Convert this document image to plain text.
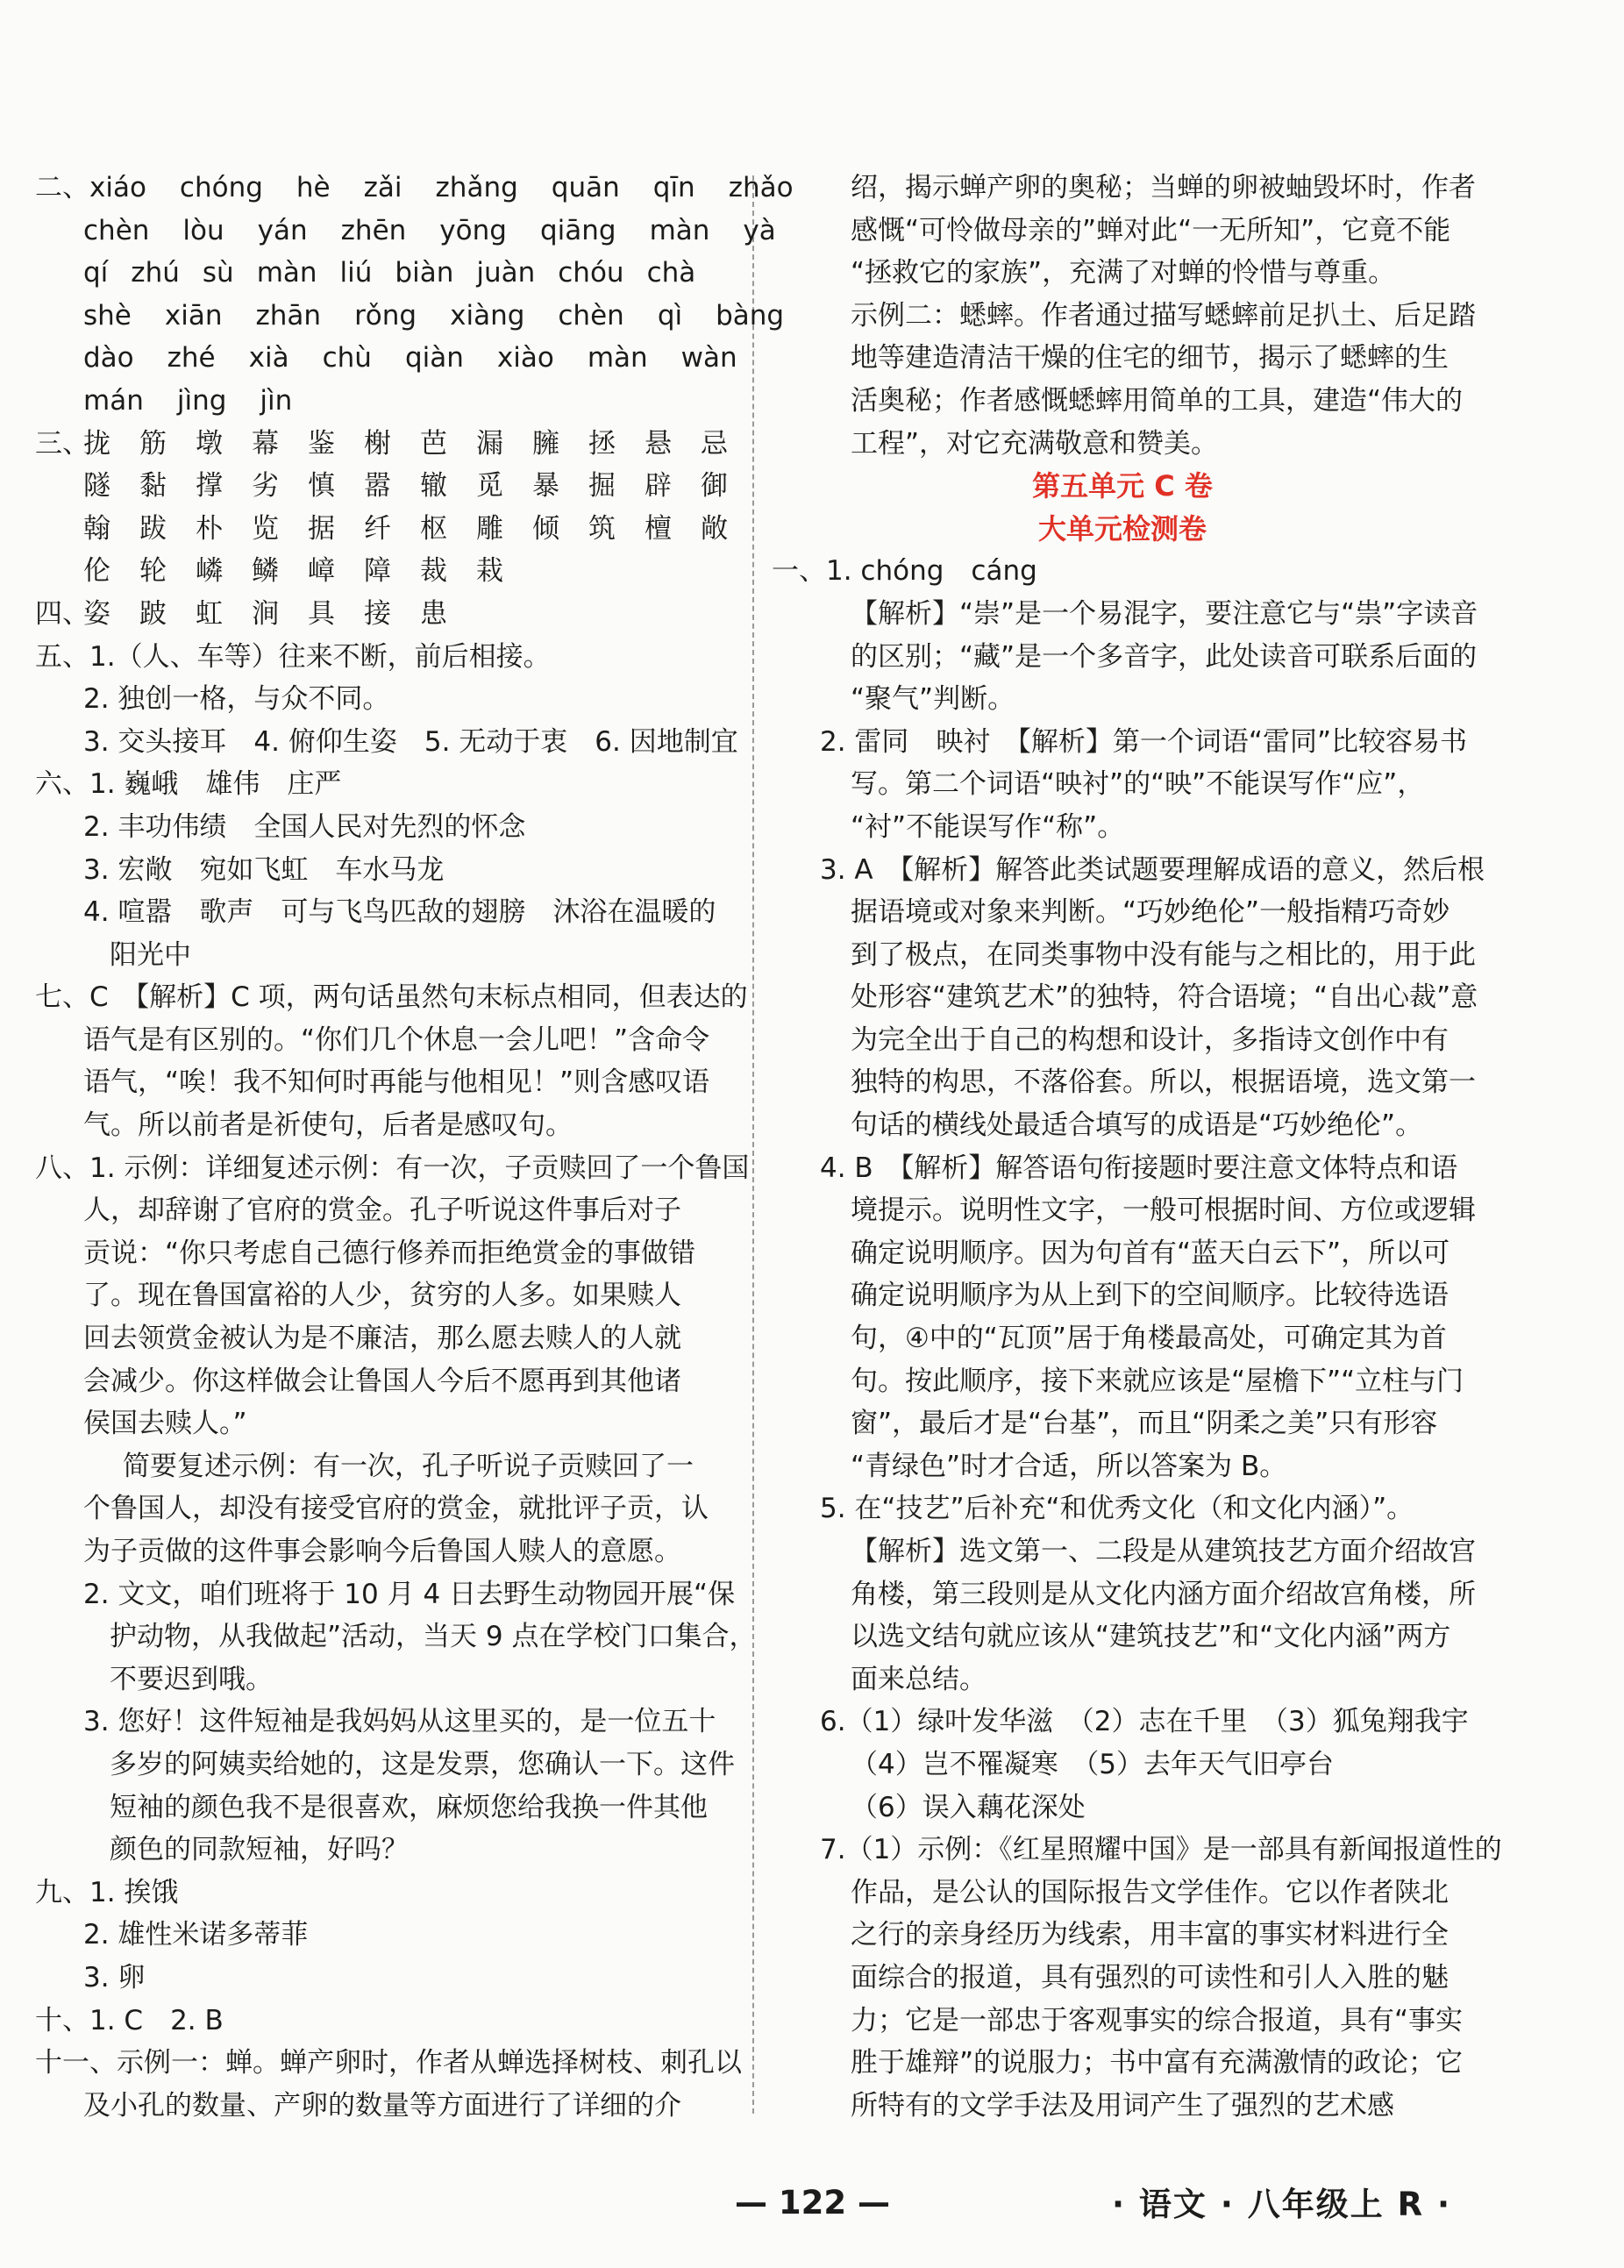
二、xiáo chóng hè zǎi zhǎng quān qīn zhǎo
chèn lòu yán zhēn yōng qiāng màn yà
qí zhú sù màn liú biàn juàn chóu chà
shè xiān zhān rǒng xiàng chèn qì bàng
dào zhé xià chù qiàn xiào màn wàn
mán jìng jìn
三、拢 筋 墩 幕 鉴 榭 芭 漏 臃 拯 悬 忌
隧 黏 撑 劣 慎 嚣 辙 觅 暴 掘 辟 御
翰 跋 朴 览 据 纤 枢 雕 倾 筑 檀 敞
伦 轮 嶙 鳞 嶂 障 裁 栽
四、姿 跛 虹 涧 具 接 患
五、1.（人、车等）往来不断，前后相接。
2. 独创一格，与众不同。
3. 交头接耳　4. 俯仰生姿　5. 无动于衷　6. 因地制宜
六、1. 巍峨　雄伟　庄严
2. 丰功伟绩　全国人民对先烈的怀念
3. 宏敞　宛如飞虹　车水马龙
4. 喧嚣　歌声　可与飞鸟匹敌的翅膀　沐浴在温暖的
阳光中
七、C　【解析】C 项，两句话虽然句末标点相同，但表达的
语气是有区别的。“你们几个休息一会儿吧！”含命令
语气，“唉！我不知何时再能与他相见！”则含感叹语
气。所以前者是祈使句，后者是感叹句。
八、1. 示例：详细复述示例：有一次，子贡赎回了一个鲁国
人，却辞谢了官府的赏金。孔子听说这件事后对子
贡说：“你只考虑自己德行修养而拒绝赏金的事做错
了。现在鲁国富裕的人少，贫穷的人多。如果赎人
回去领赏金被认为是不廉洁，那么愿去赎人的人就
会减少。你这样做会让鲁国人今后不愿再到其他诸
侯国去赎人。”
简要复述示例：有一次，孔子听说子贡赎回了一
个鲁国人，却没有接受官府的赏金，就批评子贡，认
为子贡做的这件事会影响今后鲁国人赎人的意愿。
2. 文文，咱们班将于 10 月 4 日去野生动物园开展“保
护动物，从我做起”活动，当天 9 点在学校门口集合，
不要迟到哦。
3. 您好！这件短袖是我妈妈从这里买的，是一位五十
多岁的阿姨卖给她的，这是发票，您确认一下。这件
短袖的颜色我不是很喜欢，麻烦您给我换一件其他
颜色的同款短袖，好吗？
九、1. 挨饿
2. 雄性米诺多蒂菲
3. 卵
十、1. C　2. B
十一、示例一：蝉。蝉产卵时，作者从蝉选择树枝、刺孔以
及小孔的数量、产卵的数量等方面进行了详细的介
绍，揭示蝉产卵的奥秘；当蝉的卵被蚰毁坏时，作者
感慨“可怜做母亲的”蝉对此“一无所知”，它竟不能
“拯救它的家族”，充满了对蝉的怜惜与尊重。
示例二：蟋蟀。作者通过描写蟋蟀前足扒土、后足踏
地等建造清洁干燥的住宅的细节，揭示了蟋蟀的生
活奥秘；作者感慨蟋蟀用简单的工具，建造“伟大的
工程”，对它充满敬意和赞美。
第五单元 C 卷
大单元检测卷
一、1. chóng　cáng
【解析】“崇”是一个易混字，要注意它与“祟”字读音
的区别；“藏”是一个多音字，此处读音可联系后面的
“聚气”判断。
2. 雷同　映衬　【解析】第一个词语“雷同”比较容易书
写。第二个词语“映衬”的“映”不能误写作“应”，
“衬”不能误写作“称”。
3. A　【解析】解答此类试题要理解成语的意义，然后根
据语境或对象来判断。“巧妙绝伦”一般指精巧奇妙
到了极点，在同类事物中没有能与之相比的，用于此
处形容“建筑艺术”的独特，符合语境；“自出心裁”意
为完全出于自己的构想和设计，多指诗文创作中有
独特的构思，不落俗套。所以，根据语境，选文第一
句话的横线处最适合填写的成语是“巧妙绝伦”。
4. B　【解析】解答语句衔接题时要注意文体特点和语
境提示。说明性文字，一般可根据时间、方位或逻辑
确定说明顺序。因为句首有“蓝天白云下”，所以可
确定说明顺序为从上到下的空间顺序。比较待选语
句，④中的“瓦顶”居于角楼最高处，可确定其为首
句。按此顺序，接下来就应该是“屋檐下”“立柱与门
窗”，最后才是“台基”，而且“阴柔之美”只有形容
“青绿色”时才合适，所以答案为 B。
5. 在“技艺”后补充“和优秀文化（和文化内涵）”。
【解析】选文第一、二段是从建筑技艺方面介绍故宫
角楼，第三段则是从文化内涵方面介绍故宫角楼，所
以选文结句就应该从“建筑技艺”和“文化内涵”两方
面来总结。
6.（1）绿叶发华滋　（2）志在千里　（3）狐兔翔我宇
（4）岂不罹凝寒　（5）去年天气旧亭台
（6）误入藕花深处
7.（1）示例：《红星照耀中国》是一部具有新闻报道性的
作品，是公认的国际报告文学佳作。它以作者陕北
之行的亲身经历为线索，用丰富的事实材料进行全
面综合的报道，具有强烈的可读性和引人入胜的魅
力；它是一部忠于客观事实的综合报道，具有“事实
胜于雄辩”的说服力；书中富有充满激情的政论；它
所特有的文学手法及用词产生了强烈的艺术感
— 122 —	· 语文 · 八年级上 R ·
